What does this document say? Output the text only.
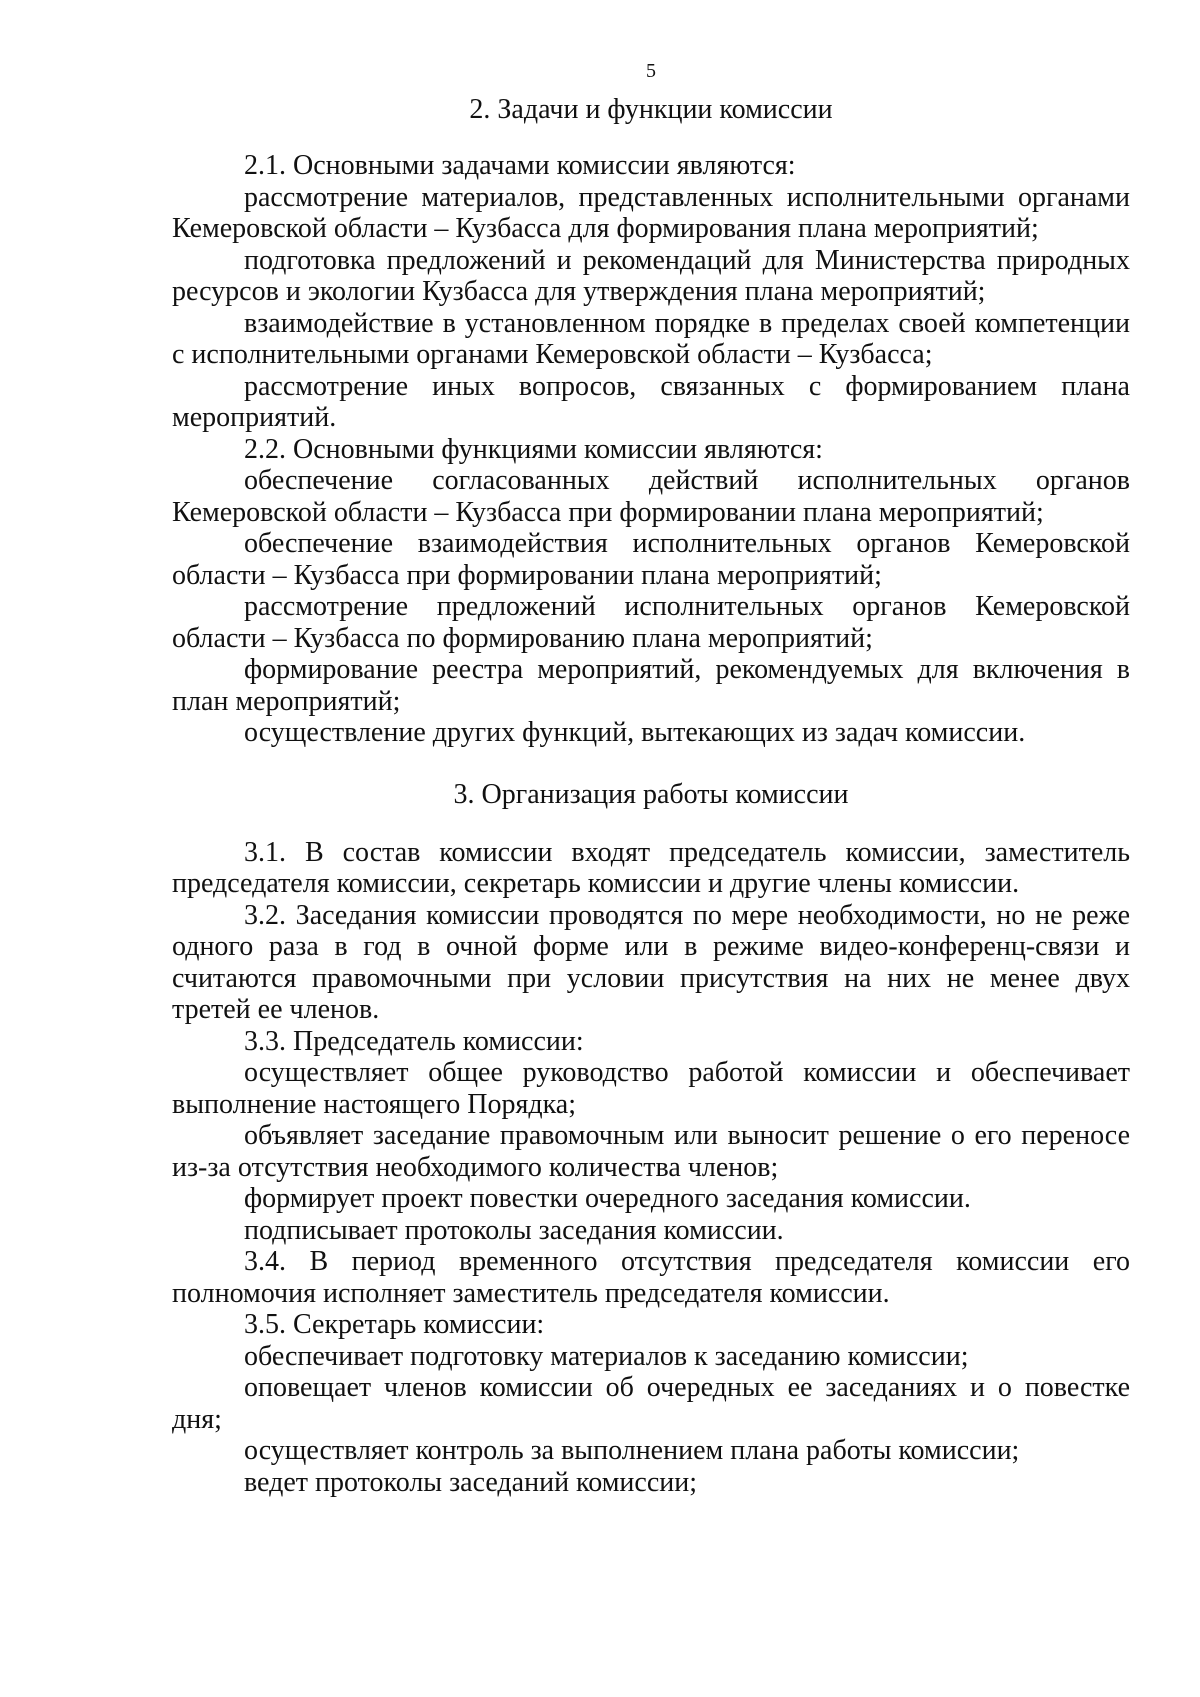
5

2. Задачи и функции комиссии

2.1. Основными задачами комиссии являются:

рассмотрение материалов, представленных исполнительными органами Кемеровской области – Кузбасса для формирования плана мероприятий;

подготовка предложений и рекомендаций для Министерства природных ресурсов и экологии Кузбасса для утверждения плана мероприятий;

взаимодействие в установленном порядке в пределах своей компетенции с исполнительными органами Кемеровской области – Кузбасса;

рассмотрение иных вопросов, связанных с формированием плана мероприятий.

2.2. Основными функциями комиссии являются:

обеспечение согласованных действий исполнительных органов Кемеровской области – Кузбасса при формировании плана мероприятий;

обеспечение взаимодействия исполнительных органов Кемеровской области – Кузбасса при формировании плана мероприятий;

рассмотрение предложений исполнительных органов Кемеровской области – Кузбасса по формированию плана мероприятий;

формирование реестра мероприятий, рекомендуемых для включения в план мероприятий;

осуществление других функций, вытекающих из задач комиссии.

3. Организация работы комиссии

3.1. В состав комиссии входят председатель комиссии, заместитель председателя комиссии, секретарь комиссии и другие члены комиссии.

3.2. Заседания комиссии проводятся по мере необходимости, но не реже одного раза в год в очной форме или в режиме видео-конференц-связи и считаются правомочными при условии присутствия на них не менее двух третей ее членов.

3.3. Председатель комиссии:

осуществляет общее руководство работой комиссии и обеспечивает выполнение настоящего Порядка;

объявляет заседание правомочным или выносит решение о его переносе из-за отсутствия необходимого количества членов;

формирует проект повестки очередного заседания комиссии.

подписывает протоколы заседания комиссии.

3.4. В период временного отсутствия председателя комиссии его полномочия исполняет заместитель председателя комиссии.

3.5. Секретарь комиссии:

обеспечивает подготовку материалов к заседанию комиссии;

оповещает членов комиссии об очередных ее заседаниях и о повестке дня;

осуществляет контроль за выполнением плана работы комиссии;

ведет протоколы заседаний комиссии;
